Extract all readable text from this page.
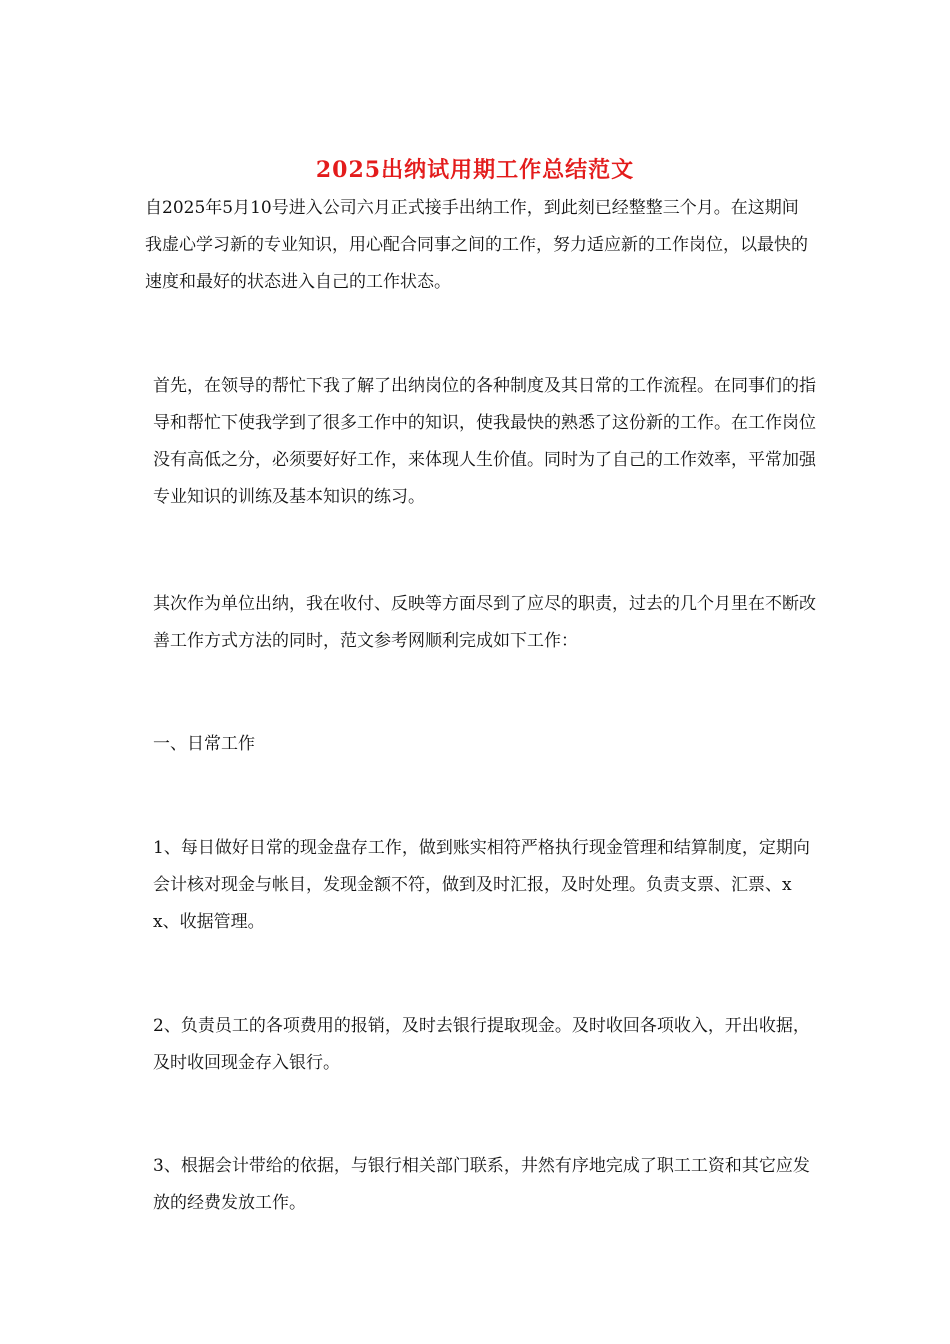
2025出纳试用期工作总结范文

自2025年5月10号进入公司六月正式接手出纳工作，到此刻已经整整三个月。在这期间我虚心学习新的专业知识，用心配合同事之间的工作，努力适应新的工作岗位，以最快的速度和最好的状态进入自己的工作状态。

首先，在领导的帮忙下我了解了出纳岗位的各种制度及其日常的工作流程。在同事们的指导和帮忙下使我学到了很多工作中的知识，使我最快的熟悉了这份新的工作。在工作岗位没有高低之分，必须要好好工作，来体现人生价值。同时为了自己的工作效率，平常加强专业知识的训练及基本知识的练习。

其次作为单位出纳，我在收付、反映等方面尽到了应尽的职责，过去的几个月里在不断改善工作方式方法的同时，范文参考网顺利完成如下工作：

一、日常工作

1、每日做好日常的现金盘存工作，做到账实相符严格执行现金管理和结算制度，定期向会计核对现金与帐目，发现金额不符，做到及时汇报，及时处理。负责支票、汇票、xx、收据管理。

2、负责员工的各项费用的报销，及时去银行提取现金。及时收回各项收入，开出收据，及时收回现金存入银行。

3、根据会计带给的依据，与银行相关部门联系，井然有序地完成了职工工资和其它应发放的经费发放工作。
